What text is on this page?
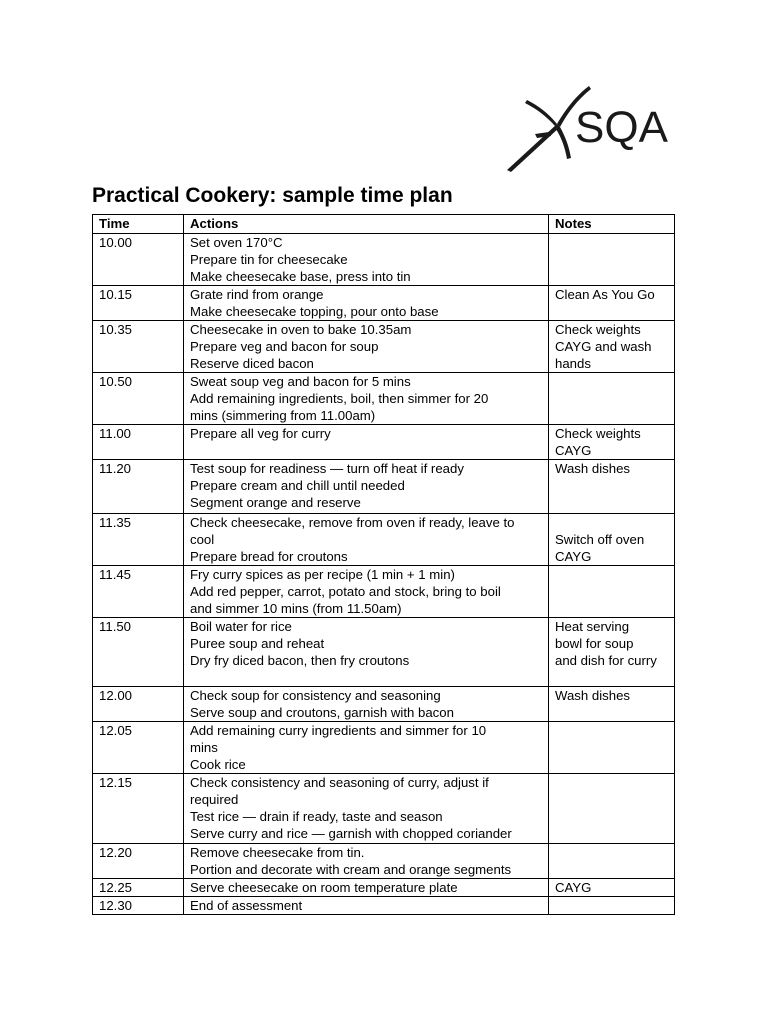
SQA
Practical Cookery: sample time plan
Time	Actions	Notes
10.00	Set oven 170°C
Prepare tin for cheesecake
Make cheesecake base, press into tin	

10.15	Grate rind from orange
Make cheesecake topping, pour onto base	Clean As You Go

10.35	Cheesecake in oven to bake 10.35am
Prepare veg and bacon for soup
Reserve diced bacon	Check weights
CAYG and wash
hands

10.50	Sweat soup veg and bacon for 5 mins
Add remaining ingredients, boil, then simmer for 20
mins (simmering from 11.00am)	

11.00	Prepare all veg for curry	Check weights
CAYG

11.20	Test soup for readiness — turn off heat if ready
Prepare cream and chill until needed
Segment orange and reserve	Wash dishes

11.35	Check cheesecake, remove from oven if ready, leave to
cool
Prepare bread for croutons	Switch off oven
CAYG

11.45	Fry curry spices as per recipe (1 min + 1 min)
Add red pepper, carrot, potato and stock, bring to boil
and simmer 10 mins (from 11.50am)	

11.50	Boil water for rice
Puree soup and reheat
Dry fry diced bacon, then fry croutons	Heat serving
bowl for soup
and dish for curry

12.00	Check soup for consistency and seasoning
Serve soup and croutons, garnish with bacon	Wash dishes

12.05	Add remaining curry ingredients and simmer for 10
mins
Cook rice	

12.15	Check consistency and seasoning of curry, adjust if
required
Test rice — drain if ready, taste and season
Serve curry and rice — garnish with chopped coriander	

12.20	Remove cheesecake from tin.
Portion and decorate with cream and orange segments	

12.25	Serve cheesecake on room temperature plate	CAYG

12.30	End of assessment	
